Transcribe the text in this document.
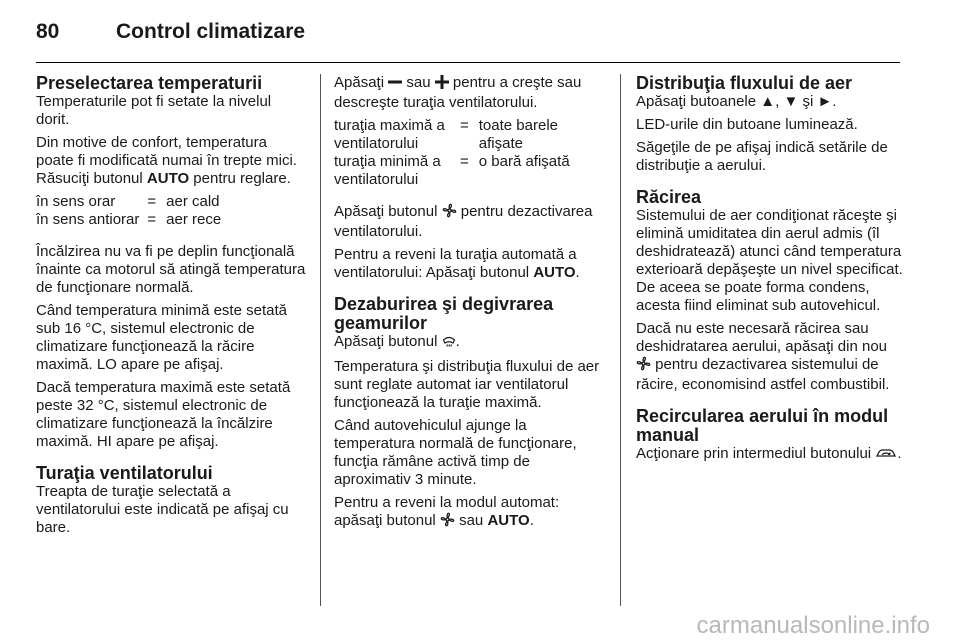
80	Control climatizare
Preselectarea temperaturii

Temperaturile pot fi setate la nivelul dorit.

Din motive de confort, temperatura poate fi modificată numai în trepte mici. Răsuciţi butonul AUTO pentru reglare.

în sens orar	=	aer cald
în sens antiorar	=	aer rece

Încălzirea nu va fi pe deplin funcţională înainte ca motorul să atingă temperatura de funcţionare normală.

Când temperatura minimă este setată sub 16 °C, sistemul electronic de climatizare funcţionează la răcire maximă. LO apare pe afişaj.

Dacă temperatura maximă este setată peste 32 °C, sistemul electronic de climatizare funcţionează la încălzire maximă. HI apare pe afişaj.

Turaţia ventilatorului

Treapta de turaţie selectată a ventilatorului este indicată pe afişaj cu bare.

Apăsaţi  sau  pentru a creşte sau descreşte turaţia ventilatorului.

turaţia maximă a ventilatorului	=	toate barele afişate
turaţia minimă a ventilatorului	=	o bară afişată

Apăsaţi butonul  pentru dezactivarea ventilatorului.

Pentru a reveni la turaţia automată a ventilatorului: Apăsaţi butonul AUTO.

Dezaburirea şi degivrarea geamurilor

Apăsaţi butonul .

Temperatura şi distribuţia fluxului de aer sunt reglate automat iar ventilatorul funcţionează la turaţie maximă.

Când autovehiculul ajunge la temperatura normală de funcţionare, funcţia rămâne activă timp de aproximativ 3 minute.

Pentru a reveni la modul automat: apăsaţi butonul  sau AUTO.

Distribuţia fluxului de aer

Apăsaţi butoanele ▲, ▼ şi ►.

LED-urile din butoane luminează.

Săgeţile de pe afişaj indică setările de distribuţie a aerului.

Răcirea

Sistemului de aer condiţionat răceşte şi elimină umiditatea din aerul admis (îl deshidratează) atunci când temperatura exterioară depăşeşte un nivel specificat. De aceea se poate forma condens, acesta fiind eliminat sub autovehicul.

Dacă nu este necesară răcirea sau deshidratarea aerului, apăsaţi din nou  pentru dezactivarea sistemului de răcire, economisind astfel combustibil.

Recircularea aerului în modul manual

Acţionare prin intermediul butonului .

carmanualsonline.info
